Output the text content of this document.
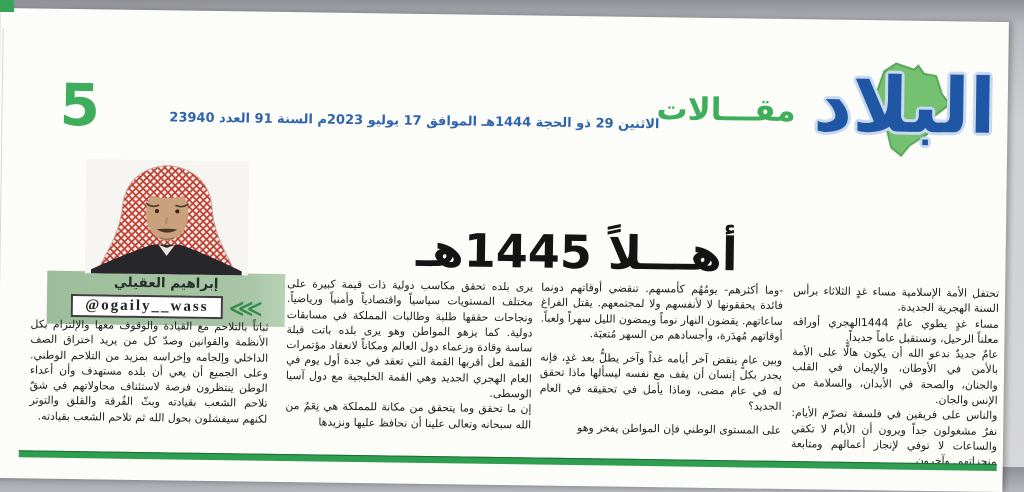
البلاد
مقـــالات
الاثنين 29 ذو الحجة 1444هـ الموافق 17 يوليو 2023م السنة 91 العدد 23940
5
أهـــلاً 1445هـ
إبراهيم العقيلي
@ogaily__wass ⋘

تحتفل الأمة الإسلامية مساء غدٍ الثلاثاء برأس السنة الهجرية الجديدة.

مساء غدٍ يطوي عامُ 1444الهجري أوراقه معلناً الرحيل، ونستقبل عاماً جديداً.

عامٌ جديدٌ ندعو الله أن يكون هالًّا على الأمة بالأمن في الأوطان، والإيمان في القلب والجنان، والصحة في الأبدان، والسلامة من الإنس والجان.

والناس على فريقين في فلسفة تصرّم الأيام: نفرٌ مشغولون جداً ويرون أن الأيام لا تكفي والساعات لا توفي لإنجاز أعمالهم ومتابعة منجزاتهم. وآخرون

-وما أكثرهم- يومُهُم كأمسهم. تنقضي أوقاتهم دونما فائدة يحققونها لا لأنفسهم ولا لمجتمعهم. يقتل الفراغ ساعاتهم. يقضون النهار نوماً ويمضون الليل سهراً ولعباً. أوقاتهم مُهدَرة، وأجسادهم من السهر مُتعبَة.

وبين عامٍ ينقض آخر أيامه غداً وآخر يطلُّ بعد غدٍ، فإنه يجدر بكل إنسان أن يقف مع نفسه ليسألها ماذا تحقق له في عام مضى، وماذا يأمل في تحقيقه في العام الجديد؟

على المستوى الوطني فإن المواطن يفخر وهو

يرى بلده تحقق مكاسب دولية ذات قيمة كبيرة على مختلف المستويات سياسياً واقتصادياً وأمنياً ورياضياً. ونجاحات حققها طلبة وطالبات المملكة في مسابقات دولية. كما يزهو المواطن وهو يرى بلده باتت قبلة ساسة وقادة وزعماء دول العالم ومكاناً لانعقاد مؤتمرات القمة لعل أقربها القمة التي تعقد في جدة أول يوم في العام الهجري الجديد وهي القمة الخليجية مع دول آسيا الوسطى.

إن ما تحقق وما يتحقق من مكانة للمملكة هي نِعَمٌ من الله سبحانه وتعالى علينا أن نحافظ عليها ونزيدها

ثباتاً بالتلاحم مع القيادة والوقوف معها والإلتزام بكل الأنظمة والقوانين وصدّ كل من يريد اختراق الصف الداخلي وإلجامه وإخراسه بمزيد من التلاحم الوطني. وعلى الجميع أن يعي أن بلده مستهدف وأن أعداء الوطن ينتظرون فرصة لاستئناف محاولاتهم في شقّ تلاحم الشعب بقيادته وبثّ الفُرقة والقلق والتوتر لكنهم سيفشلون بحول الله ثم تلاحم الشعب بقيادته.
